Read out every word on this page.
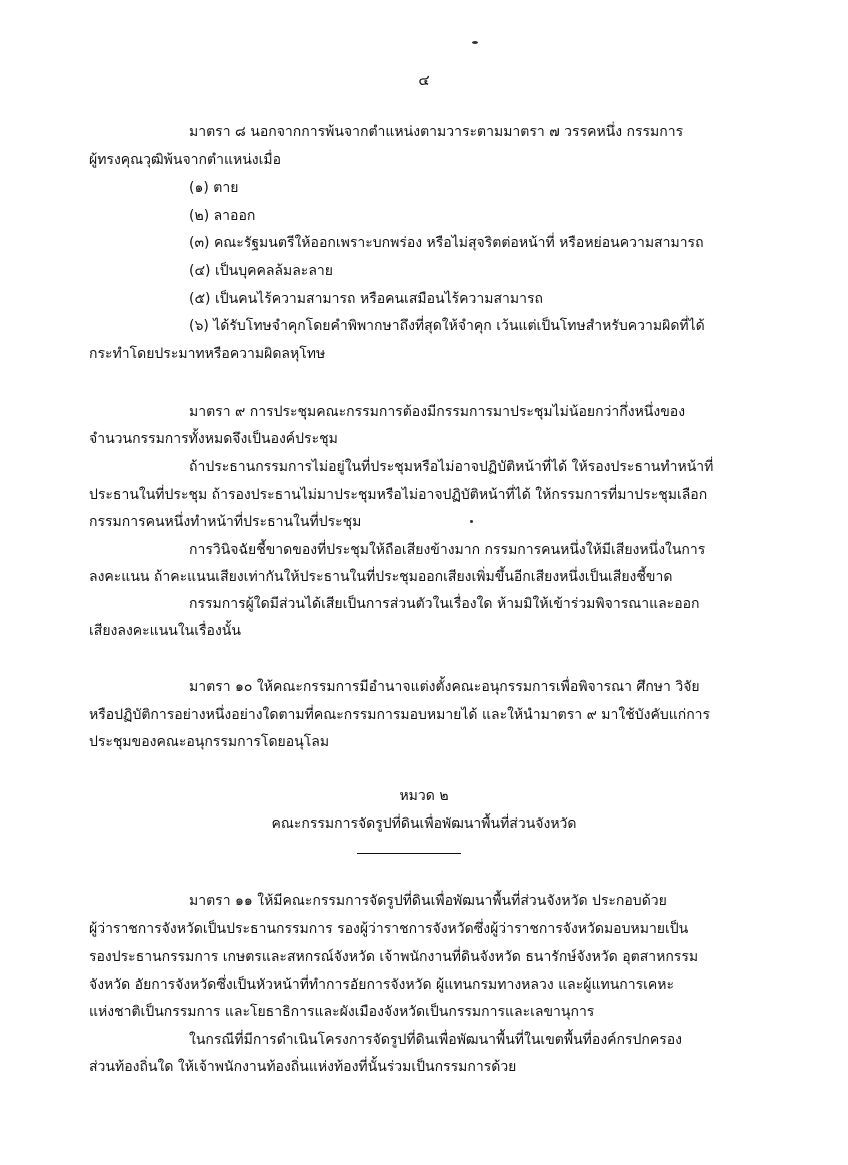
๔
มาตรา ๘ นอกจากการพ้นจากตำแหน่งตามวาระตามมาตรา ๗ วรรคหนึ่ง กรรมการ
ผู้ทรงคุณวุฒิพ้นจากตำแหน่งเมื่อ
(๑) ตาย
(๒) ลาออก
(๓) คณะรัฐมนตรีให้ออกเพราะบกพร่อง หรือไม่สุจริตต่อหน้าที่ หรือหย่อนความสามารถ
(๔) เป็นบุคคลล้มละลาย
(๕) เป็นคนไร้ความสามารถ หรือคนเสมือนไร้ความสามารถ
(๖) ได้รับโทษจำคุกโดยคำพิพากษาถึงที่สุดให้จำคุก เว้นแต่เป็นโทษสำหรับความผิดที่ได้
กระทำโดยประมาทหรือความผิดลหุโทษ
มาตรา ๙ การประชุมคณะกรรมการต้องมีกรรมการมาประชุมไม่น้อยกว่ากึ่งหนึ่งของ
จำนวนกรรมการทั้งหมดจึงเป็นองค์ประชุม
ถ้าประธานกรรมการไม่อยู่ในที่ประชุมหรือไม่อาจปฏิบัติหน้าที่ได้ ให้รองประธานทำหน้าที่
ประธานในที่ประชุม ถ้ารองประธานไม่มาประชุมหรือไม่อาจปฏิบัติหน้าที่ได้ ให้กรรมการที่มาประชุมเลือก
กรรมการคนหนึ่งทำหน้าที่ประธานในที่ประชุม
การวินิจฉัยชี้ขาดของที่ประชุมให้ถือเสียงข้างมาก กรรมการคนหนึ่งให้มีเสียงหนึ่งในการ
ลงคะแนน ถ้าคะแนนเสียงเท่ากันให้ประธานในที่ประชุมออกเสียงเพิ่มขึ้นอีกเสียงหนึ่งเป็นเสียงชี้ขาด
กรรมการผู้ใดมีส่วนได้เสียเป็นการส่วนตัวในเรื่องใด ห้ามมิให้เข้าร่วมพิจารณาและออก
เสียงลงคะแนนในเรื่องนั้น
มาตรา ๑๐ ให้คณะกรรมการมีอำนาจแต่งตั้งคณะอนุกรรมการเพื่อพิจารณา ศึกษา วิจัย
หรือปฏิบัติการอย่างหนึ่งอย่างใดตามที่คณะกรรมการมอบหมายได้ และให้นำมาตรา ๙ มาใช้บังคับแก่การ
ประชุมของคณะอนุกรรมการโดยอนุโลม
หมวด ๒
คณะกรรมการจัดรูปที่ดินเพื่อพัฒนาพื้นที่ส่วนจังหวัด
มาตรา ๑๑ ให้มีคณะกรรมการจัดรูปที่ดินเพื่อพัฒนาพื้นที่ส่วนจังหวัด ประกอบด้วย
ผู้ว่าราชการจังหวัดเป็นประธานกรรมการ รองผู้ว่าราชการจังหวัดซึ่งผู้ว่าราชการจังหวัดมอบหมายเป็น
รองประธานกรรมการ เกษตรและสหกรณ์จังหวัด เจ้าพนักงานที่ดินจังหวัด ธนารักษ์จังหวัด อุตสาหกรรม
จังหวัด อัยการจังหวัดซึ่งเป็นหัวหน้าที่ทำการอัยการจังหวัด ผู้แทนกรมทางหลวง และผู้แทนการเคหะ
แห่งชาติเป็นกรรมการ และโยธาธิการและผังเมืองจังหวัดเป็นกรรมการและเลขานุการ
ในกรณีที่มีการดำเนินโครงการจัดรูปที่ดินเพื่อพัฒนาพื้นที่ในเขตพื้นที่องค์กรปกครอง
ส่วนท้องถิ่นใด ให้เจ้าพนักงานท้องถิ่นแห่งท้องที่นั้นร่วมเป็นกรรมการด้วย
